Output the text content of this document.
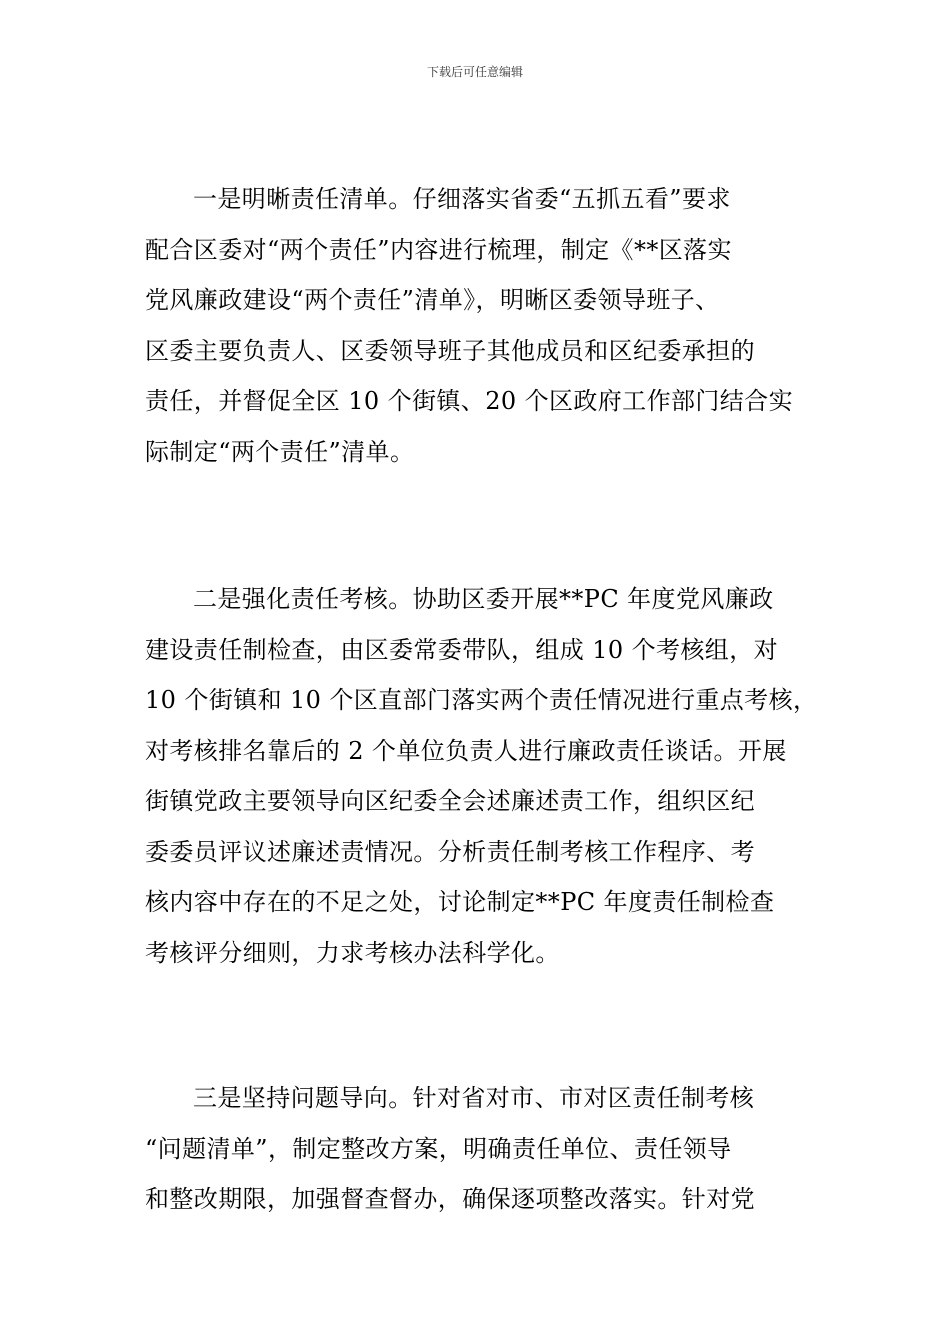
下载后可任意编辑

一是明晰责任清单。仔细落实省委“五抓五看”要求
配合区委对“两个责任”内容进行梳理，制定《**区落实
党风廉政建设“两个责任”清单》，明晰区委领导班子、
区委主要负责人、区委领导班子其他成员和区纪委承担的
责任，并督促全区 10 个街镇、20 个区政府工作部门结合实
际制定“两个责任”清单。

二是强化责任考核。协助区委开展**PC 年度党风廉政
建设责任制检查，由区委常委带队，组成 10 个考核组，对
10 个街镇和 10 个区直部门落实两个责任情况进行重点考核，
对考核排名靠后的 2 个单位负责人进行廉政责任谈话。开展
街镇党政主要领导向区纪委全会述廉述责工作，组织区纪
委委员评议述廉述责情况。分析责任制考核工作程序、考
核内容中存在的不足之处，讨论制定**PC 年度责任制检查
考核评分细则，力求考核办法科学化。

三是坚持问题导向。针对省对市、市对区责任制考核
“问题清单”，制定整改方案，明确责任单位、责任领导
和整改期限，加强督查督办，确保逐项整改落实。针对党
